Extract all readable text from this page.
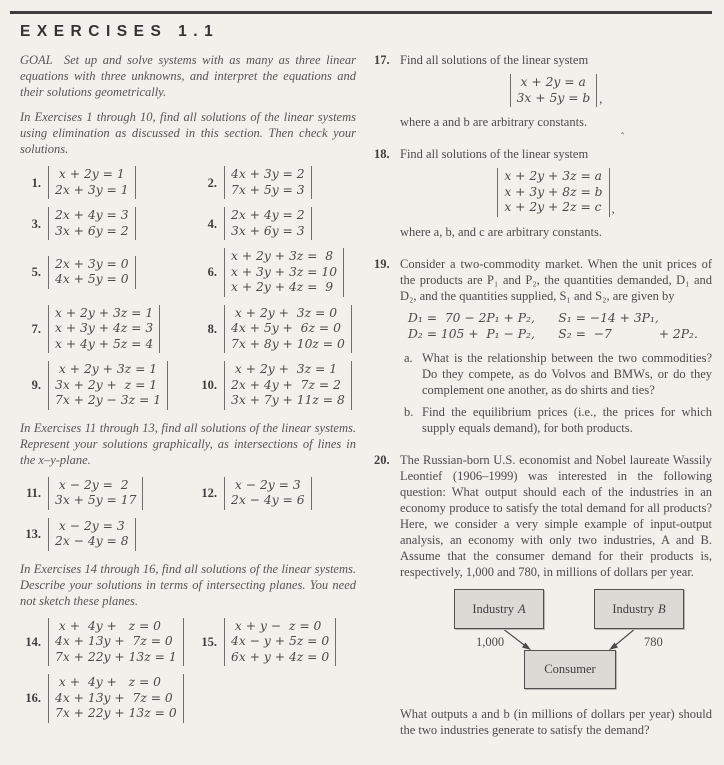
‸
EXERCISES 1.1

GOAL Set up and solve systems with as many as three linear equations with three unknowns, and interpret the equations and their solutions geometrically.

In Exercises 1 through 10, find all solutions of the linear systems using elimination as discussed in this section. Then check your solutions.

1.
x + 2y = 1
2x + 3y = 1	2.
4x + 3y = 2
7x + 5y = 3
3.
2x + 4y = 3
3x + 6y = 2	4.
2x + 4y = 2
3x + 6y = 3
5.
2x + 3y = 0
4x + 5y = 0	6.
x + 2y + 3z =  8
x + 3y + 3z = 10
x + 2y + 4z =  9
7.
x + 2y + 3z = 1
x + 3y + 4z = 3
x + 4y + 5z = 4
8.
x + 2y +  3z = 0
4x + 5y +  6z = 0
7x + 8y + 10z = 0
9.
x + 2y + 3z = 1
3x + 2y +  z = 1
7x + 2y − 3z = 1
10.
x + 2y +  3z = 1
2x + 4y +  7z = 2
3x + 7y + 11z = 8

In Exercises 11 through 13, find all solutions of the linear systems. Represent your solutions graphically, as intersections of lines in the x–y-plane.

11.
x − 2y =  2
3x + 5y = 17	12.
x − 2y = 3
2x − 4y = 6
13.
x − 2y = 3
2x − 4y = 8

In Exercises 14 through 16, find all solutions of the linear systems. Describe your solutions in terms of intersecting planes. You need not sketch these planes.

14.
x +  4y +   z = 0
4x + 13y +  7z = 0
7x + 22y + 13z = 1
15.
x + y −  z = 0
4x − y + 5z = 0
6x + y + 4z = 0
16.
x +  4y +   z = 0
4x + 13y +  7z = 0
7x + 22y + 13z = 0
17. Find all solutions of the linear system

x + 2y = a
3x + 5y = b ,

where a and b are arbitrary constants.

18. Find all solutions of the linear system

x + 2y + 3z = a
x + 3y + 8z = b
x + 2y + 2z = c ,

where a, b, and c are arbitrary constants.

19. Consider a two-commodity market. When the unit prices of the products are P₁ and P₂, the quantities demanded, D₁ and D₂, and the quantities supplied, S₁ and S₂, are given by

D₁ =  70 − 2P₁ + P₂,      S₁ = −14 + 3P₁,
D₂ = 105 +  P₁ − P₂,      S₂ =  −7            + 2P₂.
a. What is the relationship between the two commodities? Do they compete, as do Volvos and BMWs, or do they complement one another, as do shirts and ties?
b. Find the equilibrium prices (i.e., the prices for which supply equals demand), for both products.
20. The Russian-born U.S. economist and Nobel laureate Wassily Leontief (1906–1999) was interested in the following question: What output should each of the industries in an economy produce to satisfy the total demand for all products? Here, we consider a very simple example of input-output analysis, an economy with only two industries, A and B. Assume that the consumer demand for their products is, respectively, 1,000 and 780, in millions of dollars per year.

Industry A	Industry B
Consumer
1,000	780

What outputs a and b (in millions of dollars per year) should the two industries generate to satisfy the demand?
